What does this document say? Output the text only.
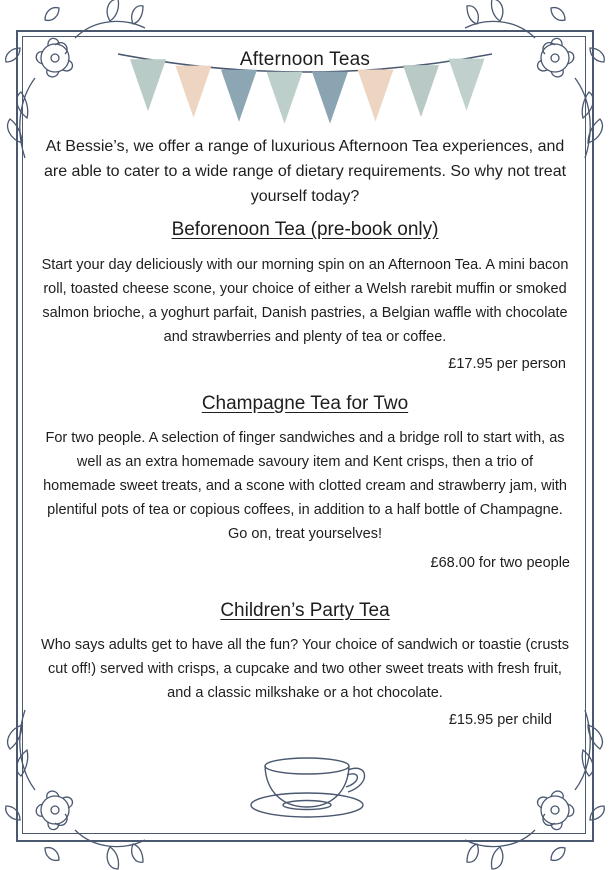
Afternoon Teas
At Bessie’s, we offer a range of luxurious Afternoon Tea experiences, and are able to cater to a wide range of dietary requirements. So why not treat yourself today?
Beforenoon Tea (pre-book only)
Start your day deliciously with our morning spin on an Afternoon Tea. A mini bacon roll, toasted cheese scone, your choice of either a Welsh rarebit muffin or smoked salmon brioche, a yoghurt parfait, Danish pastries, a Belgian waffle with chocolate and strawberries and plenty of tea or coffee.
£17.95 per person
Champagne Tea for Two
For two people. A selection of finger sandwiches and a bridge roll to start with, as well as an extra homemade savoury item and Kent crisps, then a trio of homemade sweet treats, and a scone with clotted cream and strawberry jam, with plentiful pots of tea or copious coffees, in addition to a half bottle of Champagne. Go on, treat yourselves!
£68.00 for two people
Children’s Party Tea
Who says adults get to have all the fun? Your choice of sandwich or toastie (crusts cut off!) served with crisps, a cupcake and two other sweet treats with fresh fruit, and a classic milkshake or a hot chocolate.
£15.95 per child
